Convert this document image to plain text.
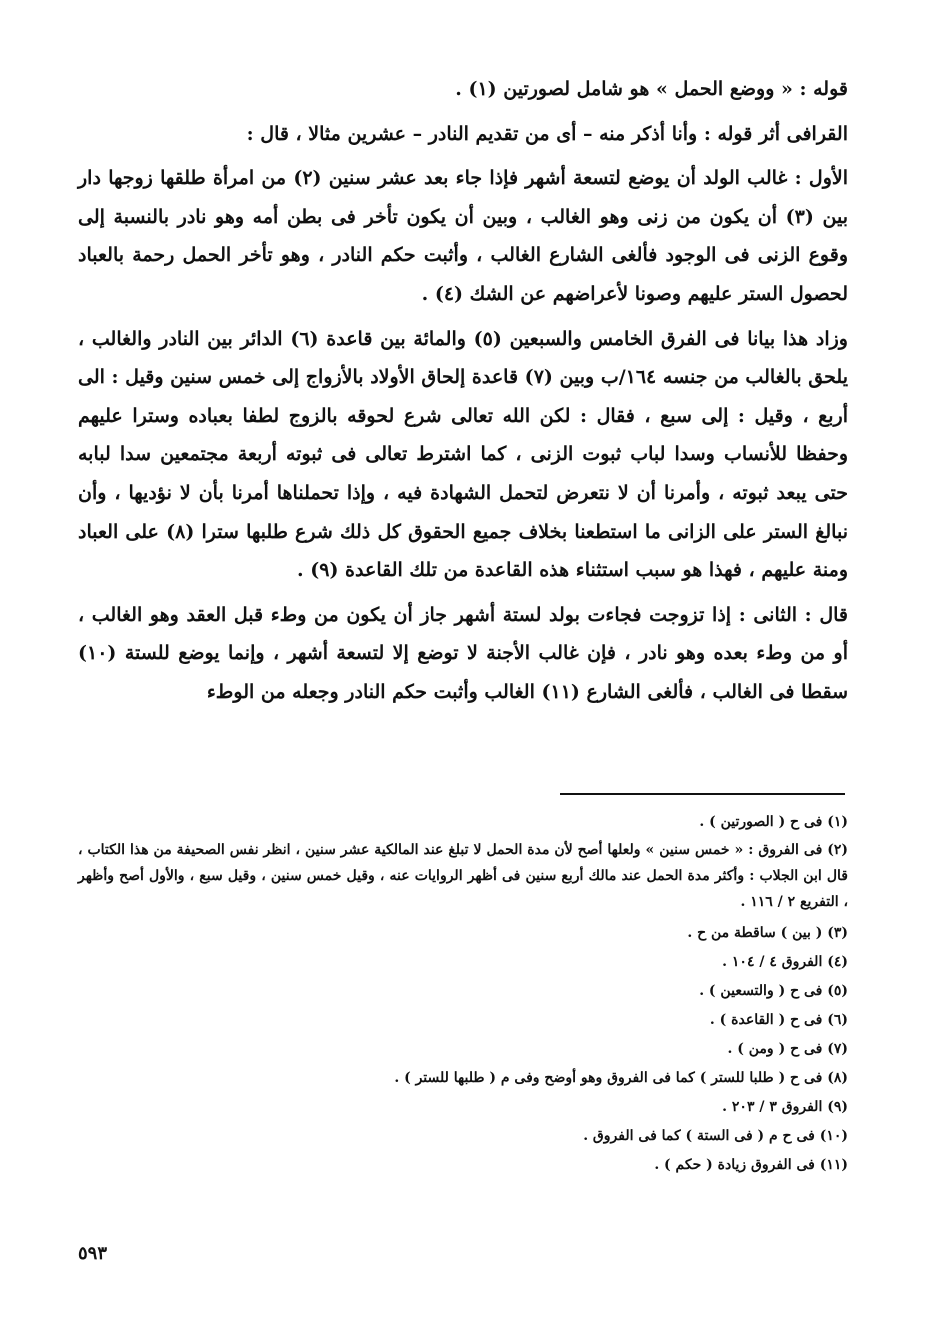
قوله : « ووضع الحمل » هو شامل لصورتين (١) .

القرافى أثر قوله : وأنا أذكر منه – أى من تقديم النادر – عشرين مثالا ، قال :

الأول : غالب الولد أن يوضع لتسعة أشهر فإذا جاء بعد عشر سنين (٢) من امرأة طلقها زوجها دار بين (٣) أن يكون من زنى وهو الغالب ، وبين أن يكون تأخر فى بطن أمه وهو نادر بالنسبة إلى وقوع الزنى فى الوجود فألغى الشارع الغالب ، وأثبت حكم النادر ، وهو تأخر الحمل رحمة بالعباد لحصول الستر عليهم وصونا لأعراضهم عن الشك (٤) .

وزاد هذا بيانا فى الفرق الخامس والسبعين (٥) والمائة بين قاعدة (٦) الدائر بين النادر والغالب ، يلحق بالغالب من جنسه ١٦٤/ب وبين (٧) قاعدة إلحاق الأولاد بالأزواج إلى خمس سنين وقيل : الى أربع ، وقيل : إلى سبع ، فقال : لكن الله تعالى شرع لحوقه بالزوج لطفا بعباده وسترا عليهم وحفظا للأنساب وسدا لباب ثبوت الزنى ، كما اشترط تعالى فى ثبوته أربعة مجتمعين سدا لبابه حتى يبعد ثبوته ، وأمرنا أن لا نتعرض لتحمل الشهادة فيه ، وإذا تحملناها أمرنا بأن لا نؤديها ، وأن نبالغ الستر على الزانى ما استطعنا بخلاف جميع الحقوق كل ذلك شرع طلبها سترا (٨) على العباد ومنة عليهم ، فهذا هو سبب استثناء هذه القاعدة من تلك القاعدة (٩) .

قال : الثانى : إذا تزوجت فجاءت بولد لستة أشهر جاز أن يكون من وطء قبل العقد وهو الغالب ، أو من وطء بعده وهو نادر ، فإن غالب الأجنة لا توضع إلا لتسعة أشهر ، وإنما يوضع للستة (١٠) سقطا فى الغالب ، فألغى الشارع (١١) الغالب وأثبت حكم النادر وجعله من الوطء

(١) فى ح ( الصورتين ) .

(٢) فى الفروق : « خمس سنين » ولعلها أصح لأن مدة الحمل لا تبلغ عند المالكية عشر سنين ، انظر نفس الصحيفة من هذا الكتاب ، قال ابن الجلاب : وأكثر مدة الحمل عند مالك أربع سنين فى أظهر الروايات عنه ، وقيل خمس سنين ، وقيل سبع ، والأول أصح وأظهر ، التفريع ٢ / ١١٦ .

(٣) ( بين ) ساقطة من ح .

(٤) الفروق ٤ / ١٠٤ .

(٥) فى ح ( والتسعين ) .

(٦) فى ح ( القاعدة ) .

(٧) فى ح ( ومن ) .

(٨) فى ح ( طلبا للستر ) كما فى الفروق وهو أوضح وفى م ( طلبها للستر ) .

(٩) الفروق ٣ / ٢٠٣ .

(١٠) فى ح م ( فى الستة ) كما فى الفروق .

(١١) فى الفروق زيادة ( حكم ) .

٥٩٣
